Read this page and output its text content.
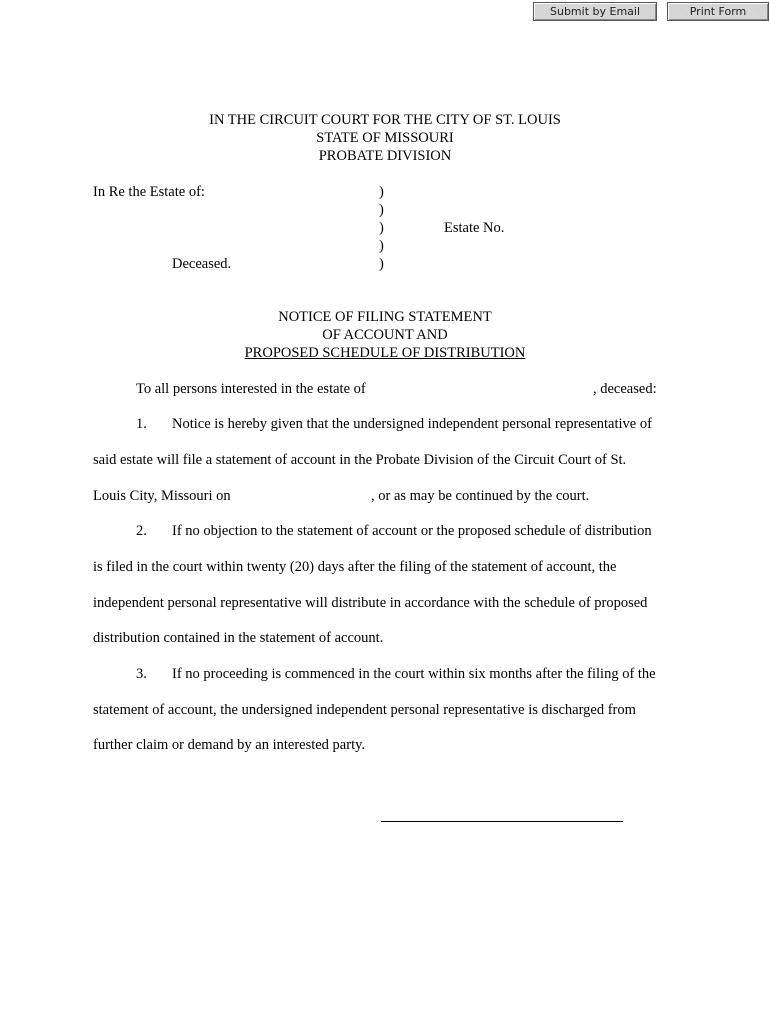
Submit by Email	Print Form
IN THE CIRCUIT COURT FOR THE CITY OF ST. LOUIS
STATE OF MISSOURI
PROBATE DIVISION
In Re the Estate of:	)
)
)	Estate No.
)
Deceased.	)
NOTICE OF FILING STATEMENT
OF ACCOUNT AND
PROPOSED SCHEDULE OF DISTRIBUTION
To all persons interested in the estate of	, deceased:
1. Notice is hereby given that the undersigned independent personal representative of
said estate will file a statement of account in the Probate Division of the Circuit Court of St.
Louis City, Missouri on	, or as may be continued by the court.
2. If no objection to the statement of account or the proposed schedule of distribution
is filed in the court within twenty (20) days after the filing of the statement of account, the
independent personal representative will distribute in accordance with the schedule of proposed
distribution contained in the statement of account.
3. If no proceeding is commenced in the court within six months after the filing of the
statement of account, the undersigned independent personal representative is discharged from
further claim or demand by an interested party.
